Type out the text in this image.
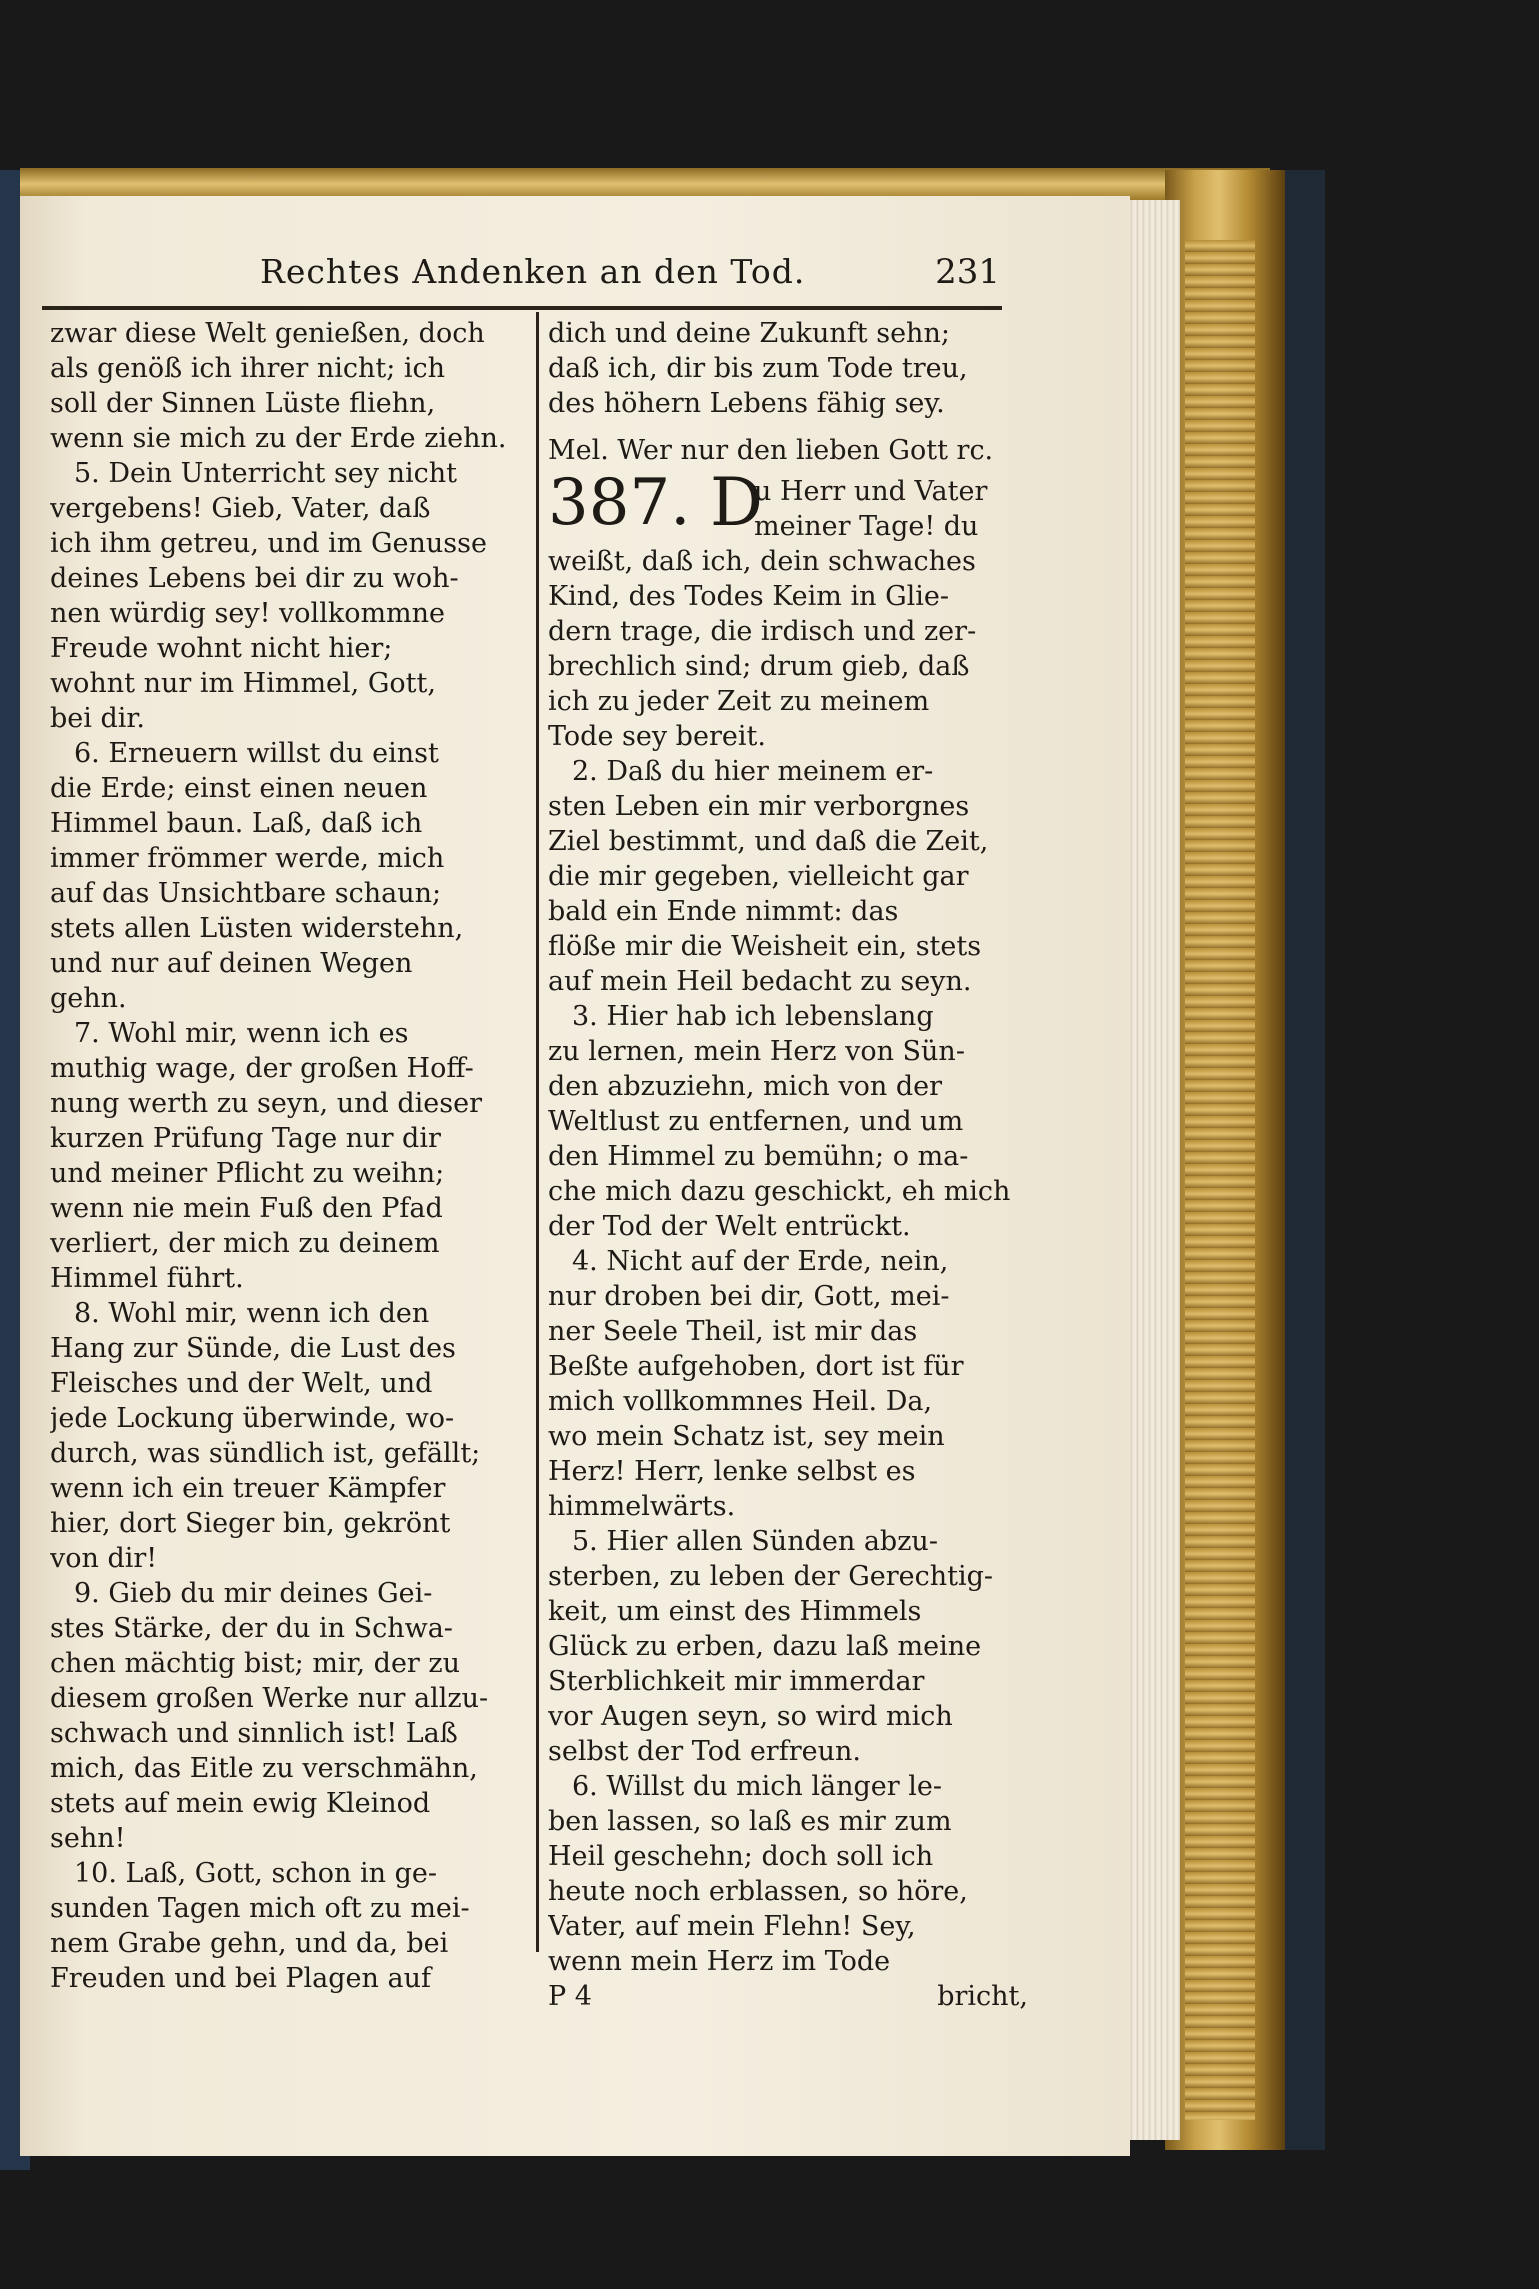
Rechtes Andenken an den Tod.	231
zwar diese Welt genießen, doch
als genöß ich ihrer nicht; ich
soll der Sinnen Lüste fliehn,
wenn sie mich zu der Erde ziehn.
5. Dein Unterricht sey nicht
vergebens! Gieb, Vater, daß
ich ihm getreu, und im Genusse
deines Lebens bei dir zu woh-
nen würdig sey! vollkommne
Freude wohnt nicht hier;
wohnt nur im Himmel, Gott,
bei dir.
6. Erneuern willst du einst
die Erde; einst einen neuen
Himmel baun. Laß, daß ich
immer frömmer werde, mich
auf das Unsichtbare schaun;
stets allen Lüsten widerstehn,
und nur auf deinen Wegen
gehn.
7. Wohl mir, wenn ich es
muthig wage, der großen Hoff-
nung werth zu seyn, und dieser
kurzen Prüfung Tage nur dir
und meiner Pflicht zu weihn;
wenn nie mein Fuß den Pfad
verliert, der mich zu deinem
Himmel führt.
8. Wohl mir, wenn ich den
Hang zur Sünde, die Lust des
Fleisches und der Welt, und
jede Lockung überwinde, wo-
durch, was sündlich ist, gefällt;
wenn ich ein treuer Kämpfer
hier, dort Sieger bin, gekrönt
von dir!
9. Gieb du mir deines Gei-
stes Stärke, der du in Schwa-
chen mächtig bist; mir, der zu
diesem großen Werke nur allzu-
schwach und sinnlich ist! Laß
mich, das Eitle zu verschmähn,
stets auf mein ewig Kleinod
sehn!
10. Laß, Gott, schon in ge-
sunden Tagen mich oft zu mei-
nem Grabe gehn, und da, bei
Freuden und bei Plagen auf
dich und deine Zukunft sehn;
daß ich, dir bis zum Tode treu,
des höhern Lebens fähig sey.
Mel. Wer nur den lieben Gott rc.
387. D
u Herr und Vater
meiner Tage! du
weißt, daß ich, dein schwaches
Kind, des Todes Keim in Glie-
dern trage, die irdisch und zer-
brechlich sind; drum gieb, daß
ich zu jeder Zeit zu meinem
Tode sey bereit.
2. Daß du hier meinem er-
sten Leben ein mir verborgnes
Ziel bestimmt, und daß die Zeit,
die mir gegeben, vielleicht gar
bald ein Ende nimmt: das
flöße mir die Weisheit ein, stets
auf mein Heil bedacht zu seyn.
3. Hier hab ich lebenslang
zu lernen, mein Herz von Sün-
den abzuziehn, mich von der
Weltlust zu entfernen, und um
den Himmel zu bemühn; o ma-
che mich dazu geschickt, eh mich
der Tod der Welt entrückt.
4. Nicht auf der Erde, nein,
nur droben bei dir, Gott, mei-
ner Seele Theil, ist mir das
Beßte aufgehoben, dort ist für
mich vollkommnes Heil. Da,
wo mein Schatz ist, sey mein
Herz! Herr, lenke selbst es
himmelwärts.
5. Hier allen Sünden abzu-
sterben, zu leben der Gerechtig-
keit, um einst des Himmels
Glück zu erben, dazu laß meine
Sterblichkeit mir immerdar
vor Augen seyn, so wird mich
selbst der Tod erfreun.
6. Willst du mich länger le-
ben lassen, so laß es mir zum
Heil geschehn; doch soll ich
heute noch erblassen, so höre,
Vater, auf mein Flehn! Sey,
wenn mein Herz im Tode
P 4	bricht,
